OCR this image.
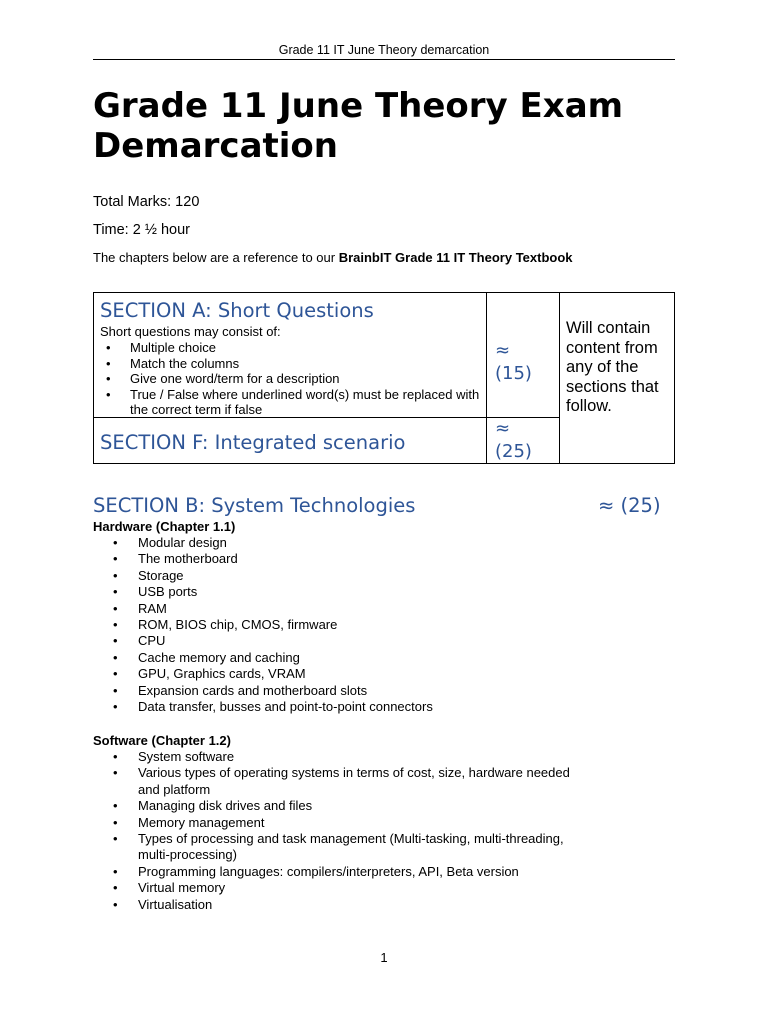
Grade 11 IT June Theory demarcation
Grade 11 June Theory Exam Demarcation
Total Marks: 120
Time: 2 ½ hour
The chapters below are a reference to our BrainbIT Grade 11 IT Theory Textbook
SECTION A: Short Questions
Short questions may consist of:
• Multiple choice
• Match the columns
• Give one word/term for a description
• True / False where underlined word(s) must be replaced with the correct term if false
≈
(15)
SECTION F: Integrated scenario
≈
(25)
Will contain content from any of the sections that follow.
SECTION B: System Technologies	≈ (25)
Hardware (Chapter 1.1)
• Modular design
• The motherboard
• Storage
• USB ports
• RAM
• ROM, BIOS chip, CMOS, firmware
• CPU
• Cache memory and caching
• GPU, Graphics cards, VRAM
• Expansion cards and motherboard slots
• Data transfer, busses and point-to-point connectors
Software (Chapter 1.2)
• System software
• Various types of operating systems in terms of cost, size, hardware needed and platform
• Managing disk drives and files
• Memory management
• Types of processing and task management (Multi-tasking, multi-threading, multi-processing)
• Programming languages: compilers/interpreters, API, Beta version
• Virtual memory
• Virtualisation
1
